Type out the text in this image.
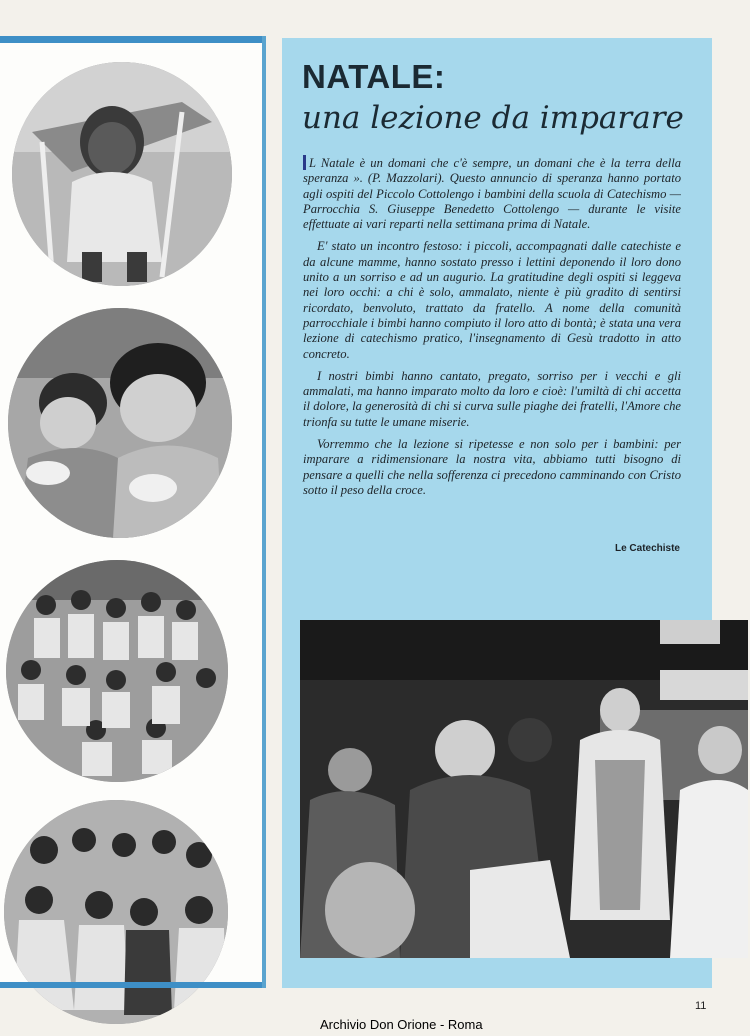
NATALE:
una lezione da imparare

L Natale è un domani che c'è sempre, un domani che è la terra della speranza ». (P. Mazzolari). Questo annuncio di speranza hanno portato agli ospiti del Piccolo Cottolengo i bambini della scuola di Catechismo — Parrocchia S. Giuseppe Benedetto Cottolengo — durante le visite effettuate ai vari reparti nella settimana prima di Natale.

E' stato un incontro festoso: i piccoli, accompagnati dalle catechiste e da alcune mamme, hanno sostato presso i lettini deponendo il loro dono unito a un sorriso e ad un augurio. La gratitudine degli ospiti si leggeva nei loro occhi: a chi è solo, ammalato, niente è più gradito di sentirsi ricordato, benvoluto, trattato da fratello. A nome della comunità parrocchiale i bimbi hanno compiuto il loro atto di bontà; è stata una vera lezione di catechismo pratico, l'insegnamento di Gesù tradotto in atto concreto.

I nostri bimbi hanno cantato, pregato, sorriso per i vecchi e gli ammalati, ma hanno imparato molto da loro e cioè: l'umiltà di chi accetta il dolore, la generosità di chi si curva sulle piaghe dei fratelli, l'Amore che trionfa su tutte le umane miserie.

Vorremmo che la lezione si ripetesse e non solo per i bambini: per imparare a ridimensionare la nostra vita, abbiamo tutti bisogno di pensare a quelli che nella sofferenza ci precedono camminando con Cristo sotto il peso della croce.

Le Catechiste
11
Archivio Don Orione - Roma
